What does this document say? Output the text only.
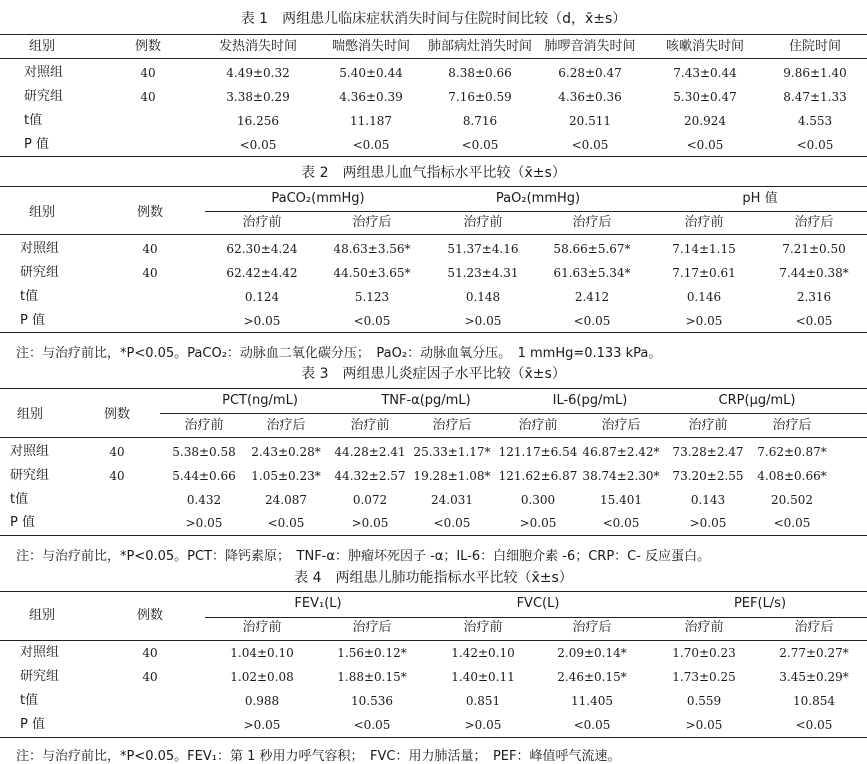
表 1　两组患儿临床症状消失时间与住院时间比较（d，x̄±s）
组别	例数	发热消失时间	喘憋消失时间 肺部病灶消失时间 肺啰音消失时间 咳嗽消失时间	住院时间
对照组	40	4.49±0.32	5.40±0.44	8.38±0.66	6.28±0.47	7.43±0.44	9.86±1.40
研究组	40	3.38±0.29	4.36±0.39	7.16±0.59	4.36±0.36	5.30±0.47	8.47±1.33
t值	16.256	11.187	8.716	20.511	20.924	4.553
P 值	<0.05	<0.05	<0.05	<0.05	<0.05	<0.05
表 2　两组患儿血气指标水平比较（x̄±s）
组别	例数
PaCO₂(mmHg)	PaO₂(mmHg)	pH 值
治疗前	治疗后	治疗前	治疗后	治疗前	治疗后
对照组	40	62.30±4.24	48.63±3.56*	51.37±4.16	58.66±5.67*	7.14±1.15	7.21±0.50
研究组	40	62.42±4.42	44.50±3.65*	51.23±4.31	61.63±5.34*	7.17±0.61	7.44±0.38*
t值	0.124	5.123	0.148	2.412	0.146	2.316
P 值	>0.05	<0.05	>0.05	<0.05	>0.05	<0.05
注：与治疗前比，*P<0.05。PaCO₂：动脉血二氧化碳分压；　PaO₂：动脉血氧分压。　1 mmHg=0.133 kPa。
表 3　两组患儿炎症因子水平比较（x̄±s）
组别	例数
PCT(ng/mL)	TNF-α(pg/mL)	IL-6(pg/mL)	CRP(μg/mL)
治疗前	治疗后	治疗前	治疗后	治疗前	治疗后	治疗前	治疗后
对照组	40	5.38±0.58 2.43±0.28* 44.28±2.41 25.33±1.17* 121.17±6.54 46.87±2.42* 73.28±2.47 7.62±0.87*
研究组	40	5.44±0.66 1.05±0.23* 44.32±2.57 19.28±1.08* 121.62±6.87 38.74±2.30* 73.20±2.55 4.08±0.66*
t值	0.432	24.087	0.072	24.031	0.300	15.401	0.143	20.502
P 值	>0.05	<0.05	>0.05	<0.05	>0.05	<0.05	>0.05	<0.05
注：与治疗前比，*P<0.05。PCT：降钙素原；　TNF-α：肿瘤坏死因子 -α；IL-6：白细胞介素 -6；CRP：C- 反应蛋白。
表 4　两组患儿肺功能指标水平比较（x̄±s）
组别	例数
FEV₁(L)	FVC(L)	PEF(L/s)
治疗前	治疗后	治疗前	治疗后	治疗前	治疗后
对照组	40	1.04±0.10	1.56±0.12*	1.42±0.10	2.09±0.14*	1.70±0.23	2.77±0.27*
研究组	40	1.02±0.08	1.88±0.15*	1.40±0.11	2.46±0.15*	1.73±0.25	3.45±0.29*
t值	0.988	10.536	0.851	11.405	0.559	10.854
P 值	>0.05	<0.05	>0.05	<0.05	>0.05	<0.05
注：与治疗前比，*P<0.05。FEV₁：第 1 秒用力呼气容积；　FVC：用力肺活量；　PEF：峰值呼气流速。
